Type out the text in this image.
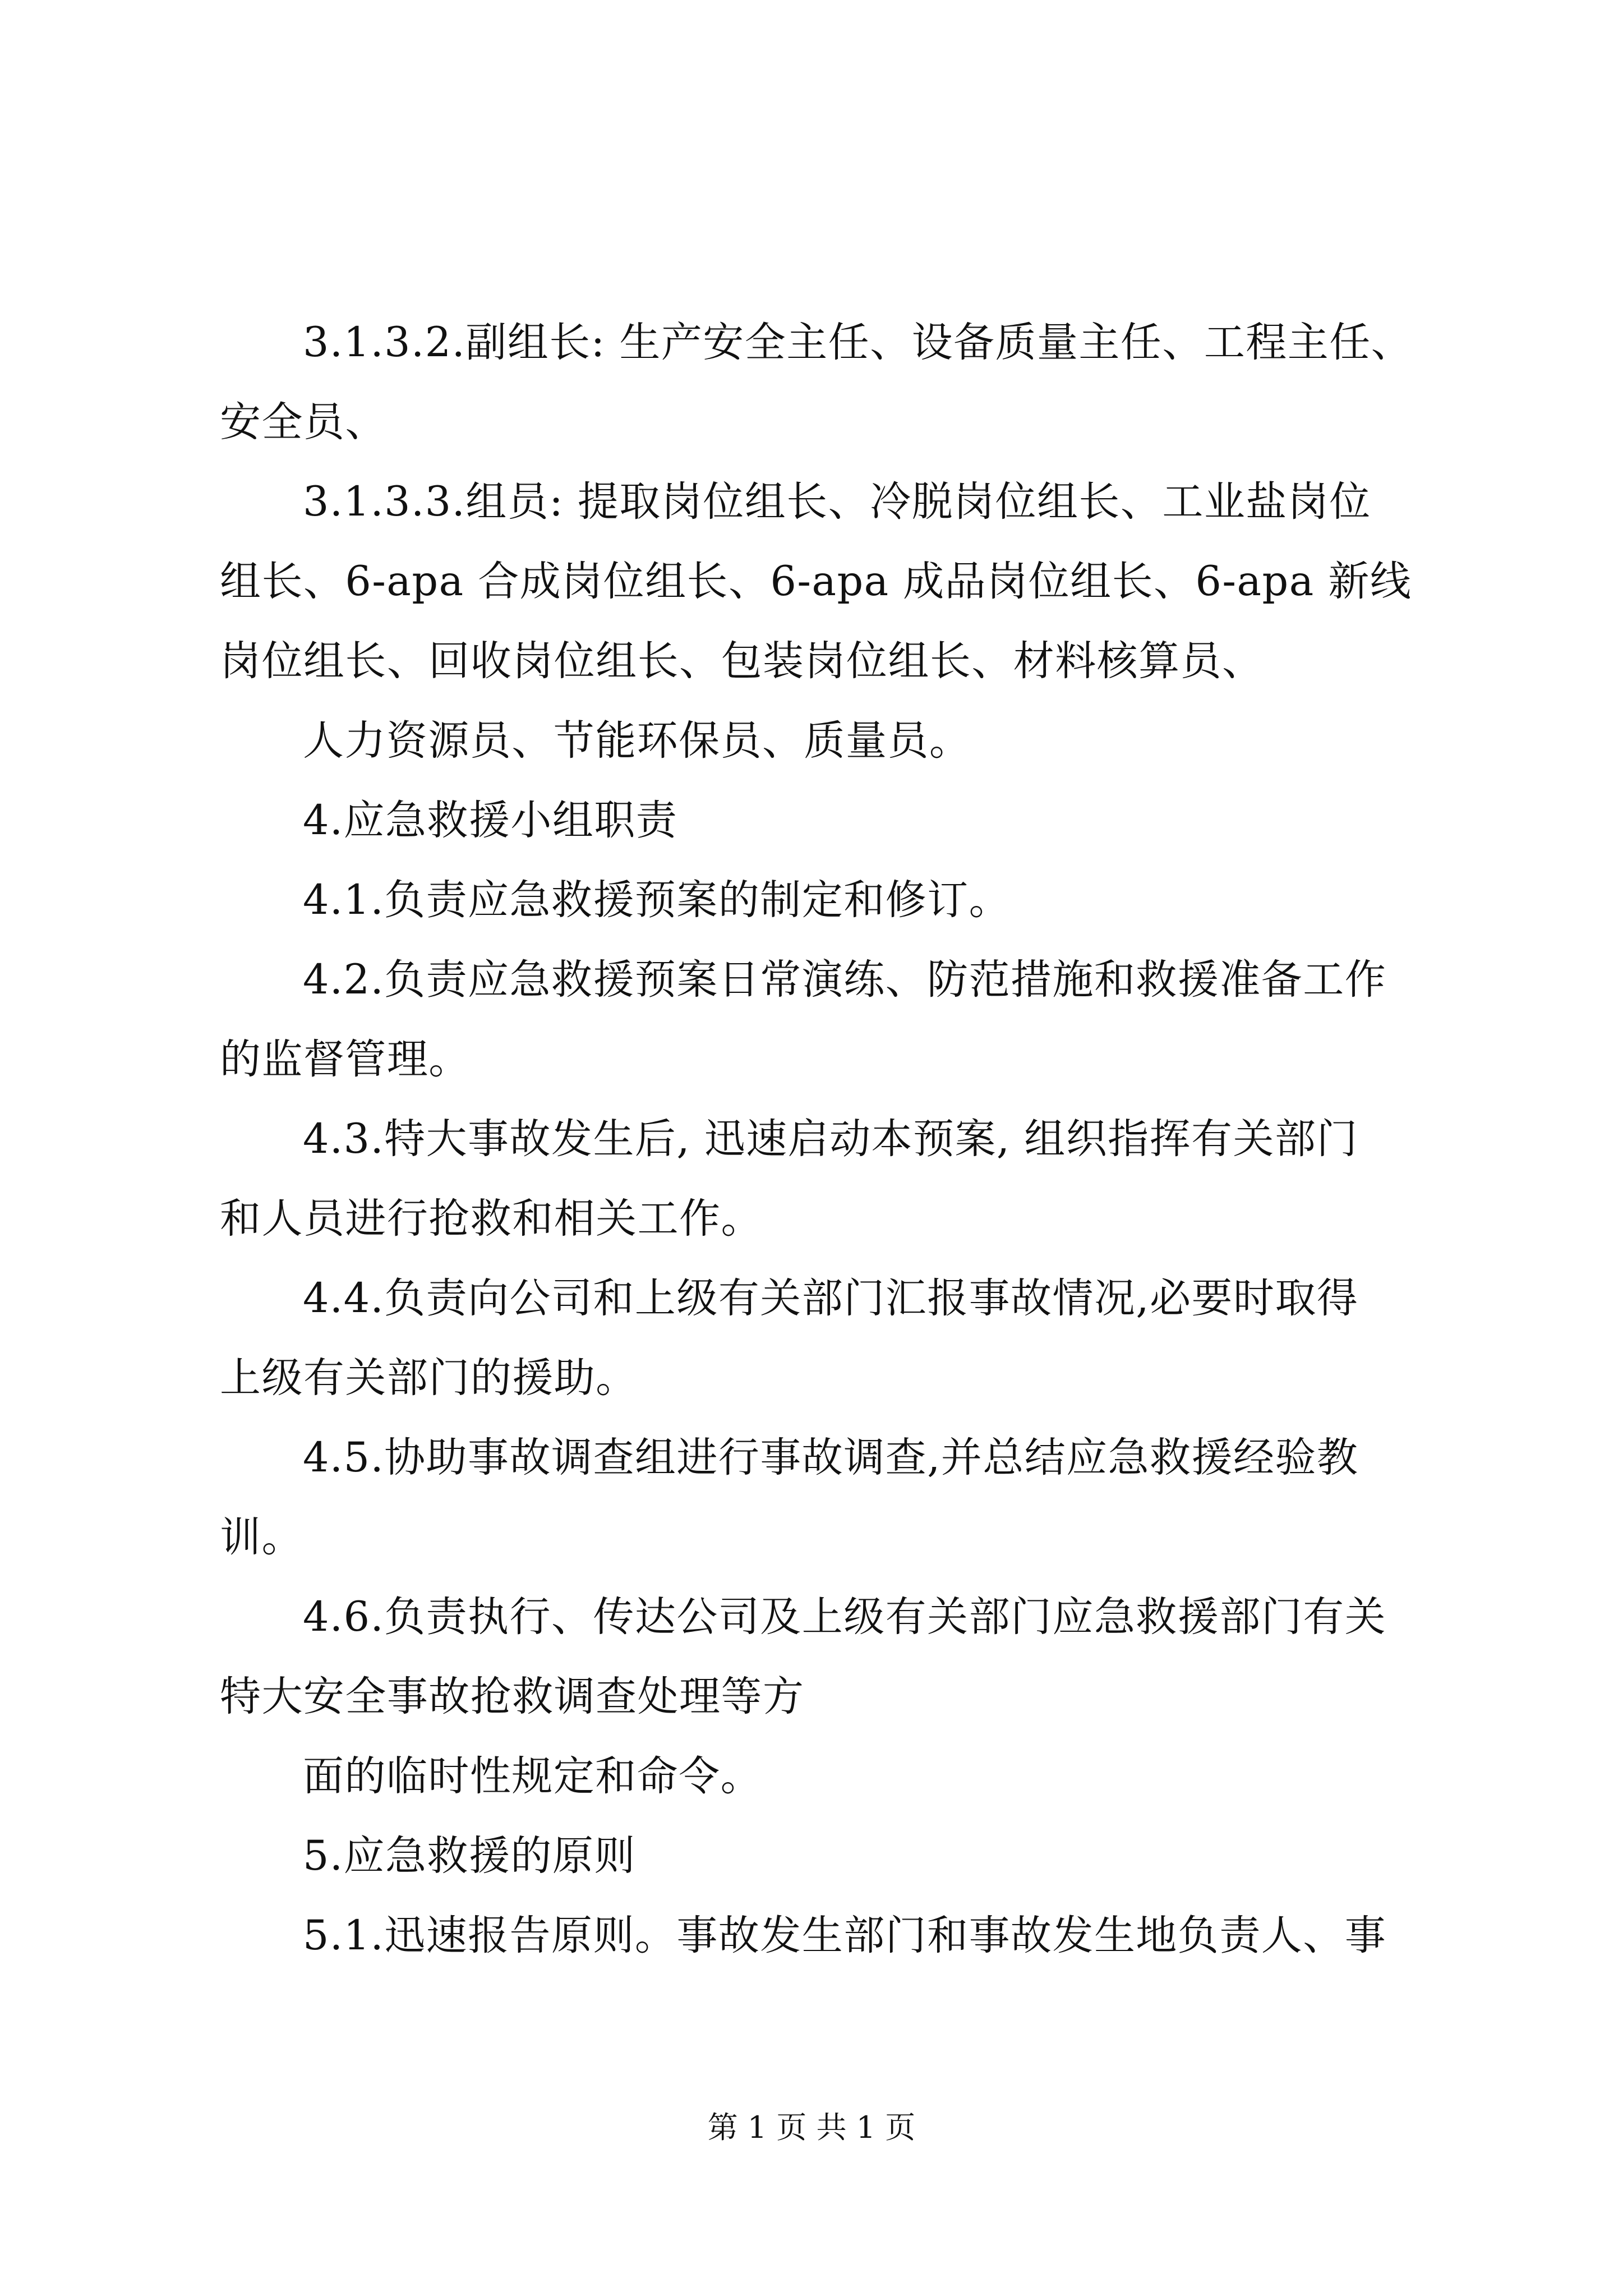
3.1.3.2.副组长: 生产安全主任、设备质量主任、工程主任、
安全员、
3.1.3.3.组员: 提取岗位组长、冷脱岗位组长、工业盐岗位
组长、6-apa 合成岗位组长、6-apa 成品岗位组长、6-apa 新线
岗位组长、回收岗位组长、包装岗位组长、材料核算员、
人力资源员、节能环保员、质量员。
4.应急救援小组职责
4.1.负责应急救援预案的制定和修订。
4.2.负责应急救援预案日常演练、防范措施和救援准备工作
的监督管理。
4.3.特大事故发生后, 迅速启动本预案, 组织指挥有关部门
和人员进行抢救和相关工作。
4.4.负责向公司和上级有关部门汇报事故情况,必要时取得
上级有关部门的援助。
4.5.协助事故调查组进行事故调查,并总结应急救援经验教
训。
4.6.负责执行、传达公司及上级有关部门应急救援部门有关
特大安全事故抢救调查处理等方
面的临时性规定和命令。
5.应急救援的原则
5.1.迅速报告原则。事故发生部门和事故发生地负责人、事
第 1 页 共 1 页
